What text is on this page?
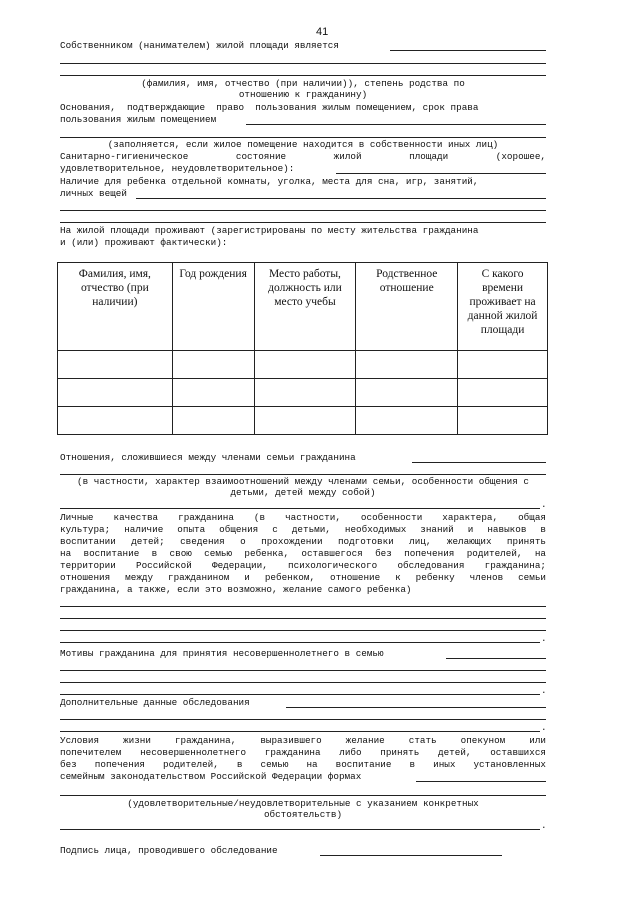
41
Собственником (нанимателем) жилой площади является
(фамилия, имя, отчество (при наличии)), степень родства по отношению к гражданину)
Основания,  подтверждающие  право  пользования жилым помещением, срок права
пользования жилым помещением
(заполняется, если жилое помещение находится в собственности иных лиц)
Санитарно-гигиеническое	состояние	жилой	площади	(хорошее,
удовлетворительное, неудовлетворительное):
Наличие для ребенка отдельной комнаты, уголка, места для сна, игр, занятий,
личных вещей
На жилой площади проживают (зарегистрированы по месту жительства гражданина
и (или) проживают фактически):
Фамилия, имя, отчество (при наличии)	Год рождения	Место работы, должность или место учебы	Родственное отношение	С какого времени проживает на данной жилой площади

Отношения, сложившиеся между членами семьи гражданина
(в частности, характер взаимоотношений между членами семьи, особенности общения с детьми, детей между собой)
.
Личные качества гражданина (в частности, особенности характера, общая
культура; наличие опыта общения с детьми, необходимых знаний и навыков в
воспитании детей; сведения о прохождении подготовки лиц, желающих принять
на воспитание в свою семью ребенка, оставшегося без попечения родителей, на
территории Российской Федерации, психологического обследования гражданина;
отношения между гражданином и ребенком, отношение к ребенку членов семьи
гражданина, а также, если это возможно, желание самого ребенка)
.
Мотивы гражданина для принятия несовершеннолетнего в семью
.
Дополнительные данные обследования
.
Условия жизни гражданина, выразившего желание стать опекуном или
попечителем несовершеннолетнего гражданина либо принять детей, оставшихся
без попечения родителей, в семью на воспитание в иных установленных
семейным законодательством Российской Федерации формах
(удовлетворительные/неудовлетворительные с указанием конкретных обстоятельств)
.
Подпись лица, проводившего обследование
